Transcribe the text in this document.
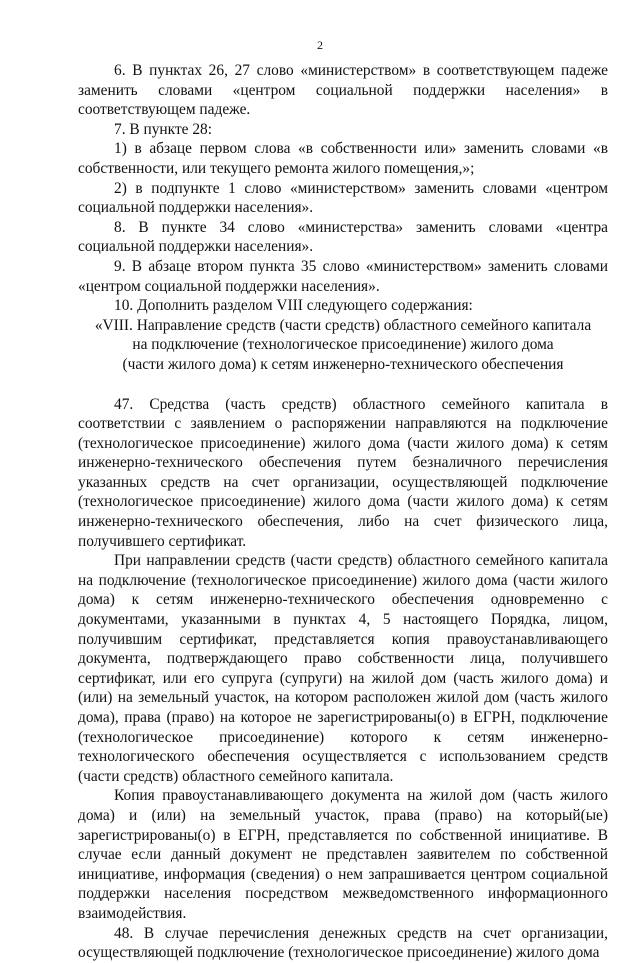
2

6. В пунктах 26, 27 слово «министерством» в соответствующем падеже заменить словами «центром социальной поддержки населения» в соответствующем падеже.

7. В пункте 28:

1) в абзаце первом слова «в собственности или» заменить словами «в собственности, или текущего ремонта жилого помещения,»;

2) в подпункте 1 слово «министерством» заменить словами «центром социальной поддержки населения».

8. В пункте 34 слово «министерства» заменить словами «центра социальной поддержки населения».

9. В абзаце втором пункта 35 слово «министерством» заменить словами «центром социальной поддержки населения».

10. Дополнить разделом VIII следующего содержания:

«VIII. Направление средств (части средств) областного семейного капитала
на подключение (технологическое присоединение) жилого дома
(части жилого дома) к сетям инженерно-технического обеспечения

47. Средства (часть средств) областного семейного капитала в соответствии с заявлением о распоряжении направляются на подключение (технологическое присоединение) жилого дома (части жилого дома) к сетям инженерно-технического обеспечения путем безналичного перечисления указанных средств на счет организации, осуществляющей подключение (технологическое присоединение) жилого дома (части жилого дома) к сетям инженерно-технического обеспечения, либо на счет физического лица, получившего сертификат.

При направлении средств (части средств) областного семейного капитала на подключение (технологическое присоединение) жилого дома (части жилого дома) к сетям инженерно-технического обеспечения одновременно с документами, указанными в пунктах 4, 5 настоящего Порядка, лицом, получившим сертификат, представляется копия правоустанавливающего документа, подтверждающего право собственности лица, получившего сертификат, или его супруга (супруги) на жилой дом (часть жилого дома) и (или) на земельный участок, на котором расположен жилой дом (часть жилого дома), права (право) на которое не зарегистрированы(о) в ЕГРН, подключение (технологическое присоединение) которого к сетям инженерно-технологического обеспечения осуществляется с использованием средств (части средств) областного семейного капитала.

Копия правоустанавливающего документа на жилой дом (часть жилого дома) и (или) на земельный участок, права (право) на который(ые) зарегистрированы(о) в ЕГРН, представляется по собственной инициативе. В случае если данный документ не представлен заявителем по собственной инициативе, информация (сведения) о нем запрашивается центром социальной поддержки населения посредством межведомственного информационного взаимодействия.

48. В случае перечисления денежных средств на счет организации, осуществляющей подключение (технологическое присоединение) жилого дома
